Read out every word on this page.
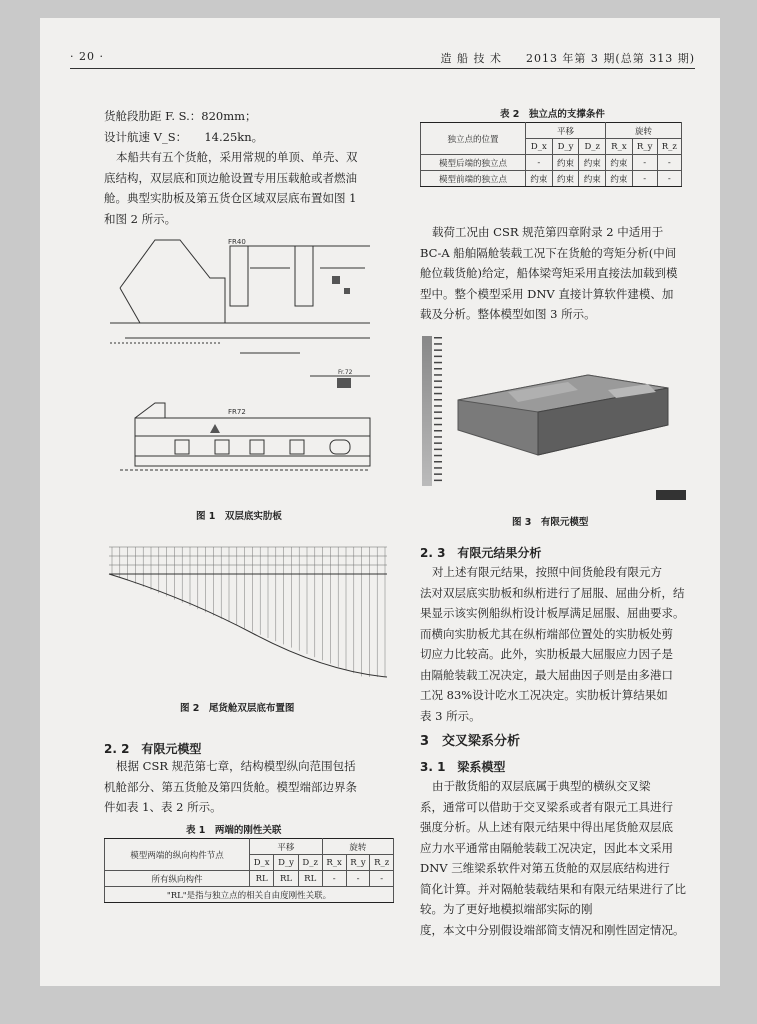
· 20 ·	造 船 技 术　　2013 年第 3 期(总第 313 期)
货舱段肋距 F. S.：820mm；
设计航速 V_S：　　14.25kn。
本船共有五个货舱，采用常规的单顶、单壳、双
底结构，双层底和顶边舱设置专用压载舱或者燃油
舱。典型实肋板及第五货仓区域双层底布置如图 1
和图 2 所示。
FR40
FR72
Fr.72
图 1　双层底实肋板
图 2　尾货舱双层底布置图
2. 2　有限元模型
根据 CSR 规范第七章，结构模型纵向范围包括
机舱部分、第五货舱及第四货舱。模型端部边界条
件如表 1、表 2 所示。
表 1　两端的刚性关联
模型两端的纵向构件节点	平移			旋转		
	D_x	D_y	D_z	R_x	R_y	R_z
所有纵向构件	RL	RL	RL	-	-	-
"RL"是指与独立点的相关自由度刚性关联。						
表 2　独立点的支撑条件
独立点的位置	平移			旋转		
	D_x	D_y	D_z	R_x	R_y	R_z
模型后端的独立点	-	约束	约束	约束	-	-
模型前端的独立点	约束	约束	约束	约束	-	-
载荷工况由 CSR 规范第四章附录 2 中适用于
BC-A 船舶隔舱装载工况下在货舱的弯矩分析(中间
舱位载货舱)给定，船体梁弯矩采用直接法加载到模
型中。整个模型采用 DNV 直接计算软件建模、加
载及分析。整体模型如图 3 所示。
图 3　有限元模型
2. 3　有限元结果分析
对上述有限元结果，按照中间货舱段有限元方
法对双层底实肋板和纵桁进行了屈服、屈曲分析，结
果显示该实例船纵桁设计板厚满足屈服、屈曲要求。
而横向实肋板尤其在纵桁端部位置处的实肋板处剪
切应力比较高。此外，实肋板最大屈服应力因子是
由隔舱装载工况决定，最大屈曲因子则是由多港口
工况 83%设计吃水工况决定。实肋板计算结果如
表 3 所示。
3　交叉梁系分析
3. 1　梁系模型
由于散货船的双层底属于典型的横纵交叉梁
系，通常可以借助于交叉梁系或者有限元工具进行
强度分析。从上述有限元结果中得出尾货舱双层底
应力水平通常由隔舱装载工况决定，因此本文采用
DNV 三维梁系软件对第五货舱的双层底结构进行
简化计算。并对隔舱装载结果和有限元结果进行了比较。为了更好地模拟端部实际的刚
度，本文中分别假设端部简支情况和刚性固定情况。
